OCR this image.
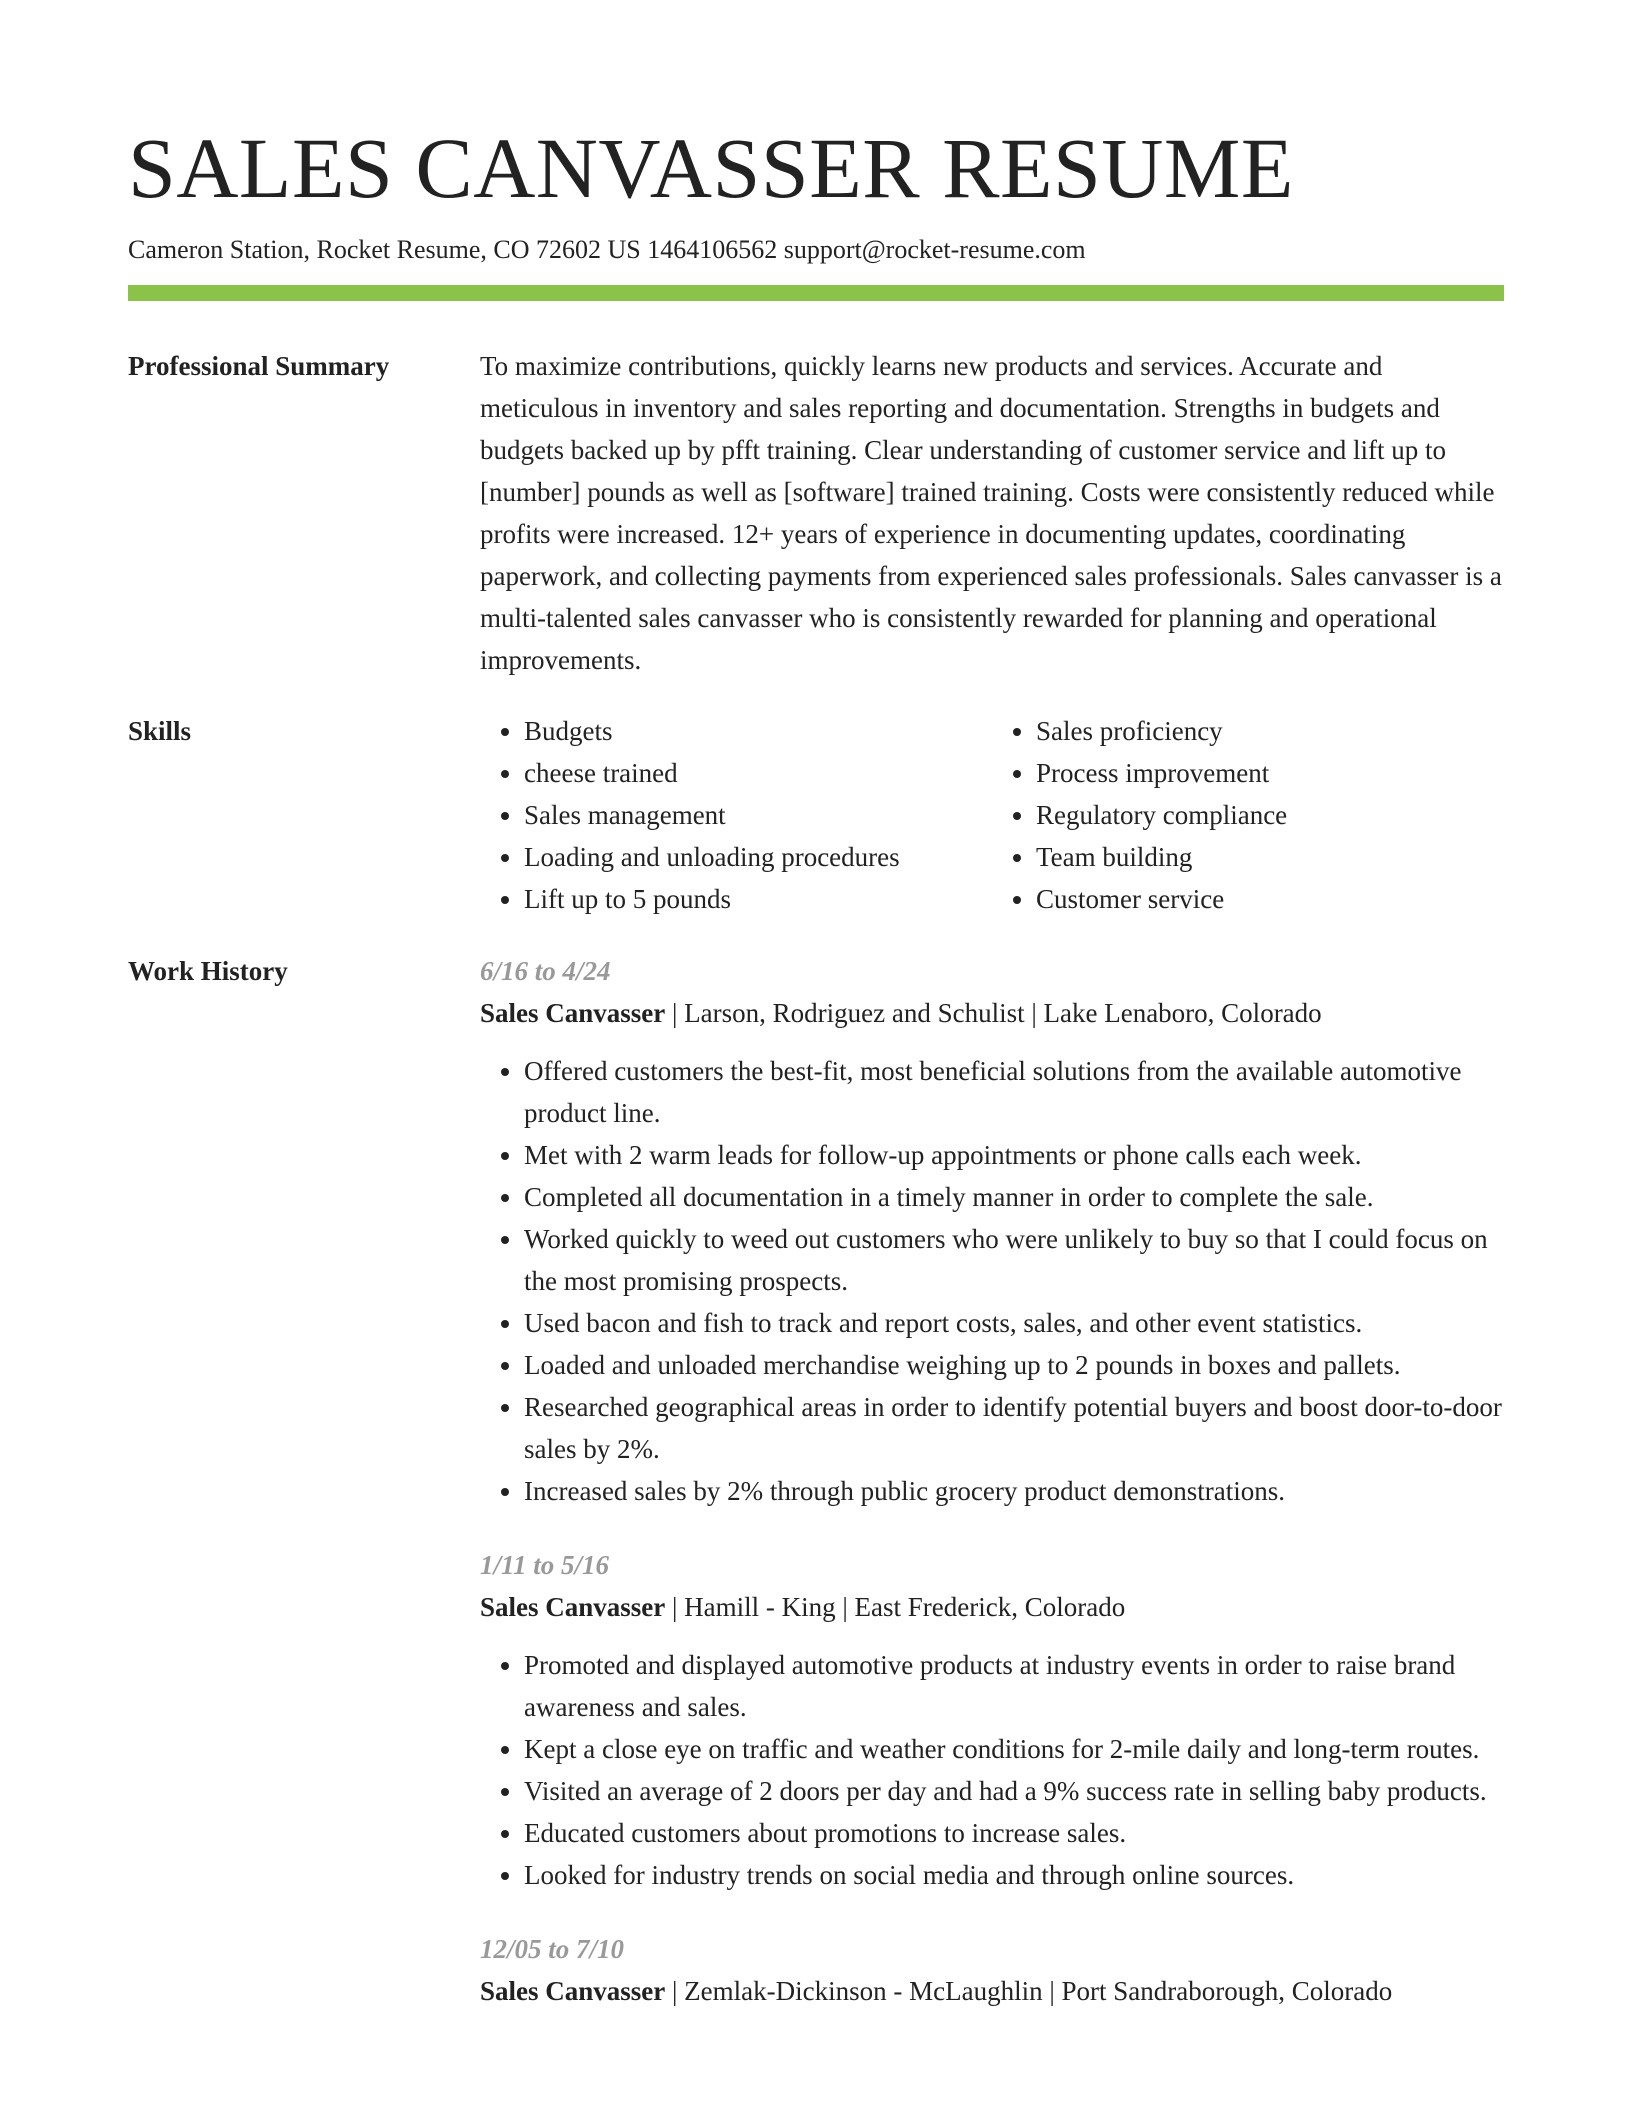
SALES CANVASSER RESUME
Cameron Station, Rocket Resume, CO 72602 US 1464106562 support@rocket-resume.com
Professional Summary	To maximize contributions, quickly learns new products and services. Accurate and meticulous in inventory and sales reporting and documentation. Strengths in budgets and budgets backed up by pfft training. Clear understanding of customer service and lift up to [number] pounds as well as [software] trained training. Costs were consistently reduced while profits were increased. 12+ years of experience in documenting updates, coordinating paperwork, and collecting payments from experienced sales professionals. Sales canvasser is a multi-talented sales canvasser who is consistently rewarded for planning and operational improvements.

Skills
•	Budgets
• cheese trained
• Sales management
• Loading and unloading procedures
• Lift up to 5 pounds
• Sales proficiency
• Process improvement
• Regulatory compliance
• Team building
• Customer service
Work History	6/16 to 4/24
Sales Canvasser | Larson, Rodriguez and Schulist | Lake Lenaboro, Colorado
• Offered customers the best-fit, most beneficial solutions from the available automotive product line.
• Met with 2 warm leads for follow-up appointments or phone calls each week.
• Completed all documentation in a timely manner in order to complete the sale.
• Worked quickly to weed out customers who were unlikely to buy so that I could focus on the most promising prospects.
• Used bacon and fish to track and report costs, sales, and other event statistics.
• Loaded and unloaded merchandise weighing up to 2 pounds in boxes and pallets.
• Researched geographical areas in order to identify potential buyers and boost door-to-door sales by 2%.
• Increased sales by 2% through public grocery product demonstrations.
1/11 to 5/16
Sales Canvasser | Hamill - King | East Frederick, Colorado
• Promoted and displayed automotive products at industry events in order to raise brand awareness and sales.
• Kept a close eye on traffic and weather conditions for 2-mile daily and long-term routes.
• Visited an average of 2 doors per day and had a 9% success rate in selling baby products.
• Educated customers about promotions to increase sales.
• Looked for industry trends on social media and through online sources.
12/05 to 7/10
Sales Canvasser | Zemlak-Dickinson - McLaughlin | Port Sandraborough, Colorado
